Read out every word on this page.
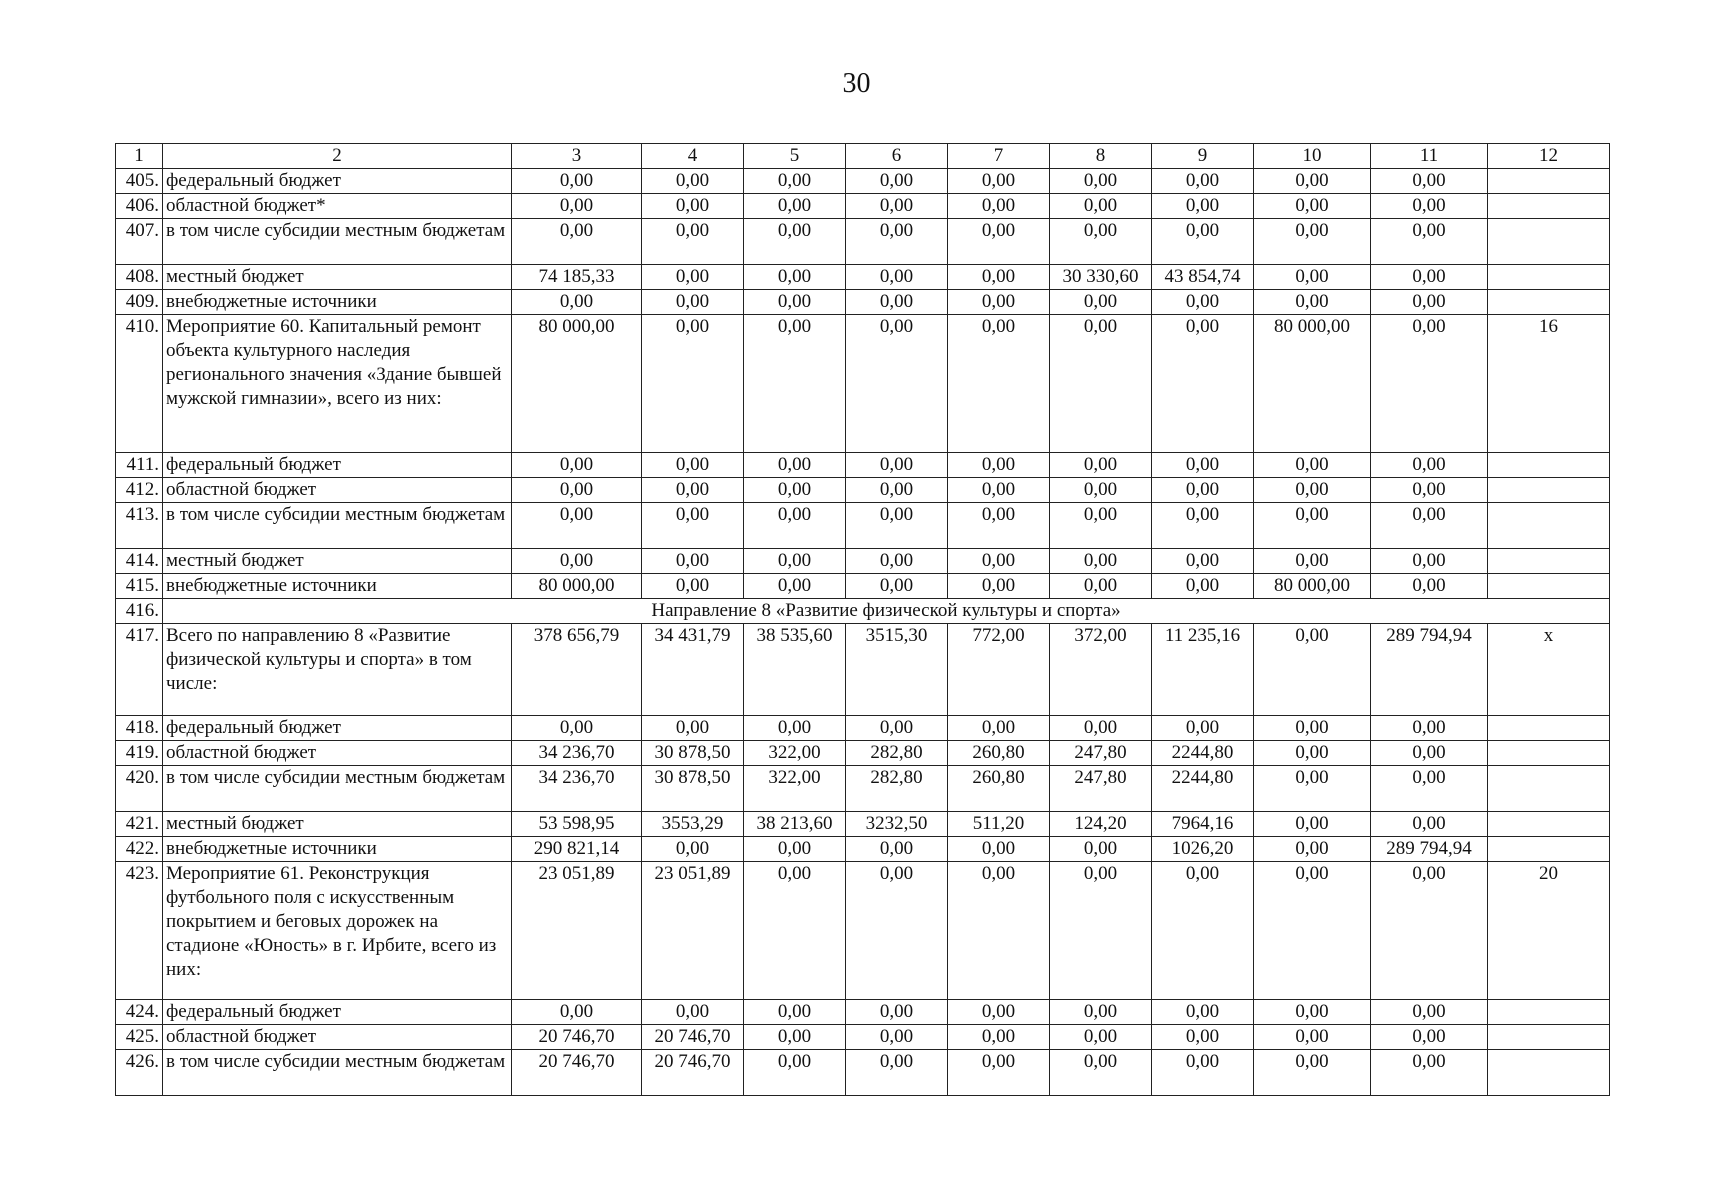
30
1	2	3	4	5	6	7	8	9	10	11	12
405.	федеральный бюджет	0,00	0,00	0,00	0,00	0,00	0,00	0,00	0,00	0,00	
406.	областной бюджет*	0,00	0,00	0,00	0,00	0,00	0,00	0,00	0,00	0,00	
407.	в том числе субсидии местным бюджетам	0,00	0,00	0,00	0,00	0,00	0,00	0,00	0,00	0,00	
408.	местный бюджет	74 185,33	0,00	0,00	0,00	0,00	30 330,60	43 854,74	0,00	0,00	
409.	внебюджетные источники	0,00	0,00	0,00	0,00	0,00	0,00	0,00	0,00	0,00	
410.	Мероприятие 60. Капитальный ремонт объекта культурного наследия регионального значения «Здание бывшей мужской гимназии», всего из них:	80 000,00	0,00	0,00	0,00	0,00	0,00	0,00	80 000,00	0,00	16
411.	федеральный бюджет	0,00	0,00	0,00	0,00	0,00	0,00	0,00	0,00	0,00	
412.	областной бюджет	0,00	0,00	0,00	0,00	0,00	0,00	0,00	0,00	0,00	
413.	в том числе субсидии местным бюджетам	0,00	0,00	0,00	0,00	0,00	0,00	0,00	0,00	0,00	
414.	местный бюджет	0,00	0,00	0,00	0,00	0,00	0,00	0,00	0,00	0,00	
415.	внебюджетные источники	80 000,00	0,00	0,00	0,00	0,00	0,00	0,00	80 000,00	0,00	
416.	Направление 8 «Развитие физической культуры и спорта»										
417.	Всего по направлению 8 «Развитие физической культуры и спорта» в том числе:	378 656,79	34 431,79	38 535,60	3515,30	772,00	372,00	11 235,16	0,00	289 794,94	х
418.	федеральный бюджет	0,00	0,00	0,00	0,00	0,00	0,00	0,00	0,00	0,00	
419.	областной бюджет	34 236,70	30 878,50	322,00	282,80	260,80	247,80	2244,80	0,00	0,00	
420.	в том числе субсидии местным бюджетам	34 236,70	30 878,50	322,00	282,80	260,80	247,80	2244,80	0,00	0,00	
421.	местный бюджет	53 598,95	3553,29	38 213,60	3232,50	511,20	124,20	7964,16	0,00	0,00	
422.	внебюджетные источники	290 821,14	0,00	0,00	0,00	0,00	0,00	1026,20	0,00	289 794,94	
423.	Мероприятие 61. Реконструкция футбольного поля с искусственным покрытием и беговых дорожек на стадионе «Юность» в г. Ирбите, всего из них:	23 051,89	23 051,89	0,00	0,00	0,00	0,00	0,00	0,00	0,00	20
424.	федеральный бюджет	0,00	0,00	0,00	0,00	0,00	0,00	0,00	0,00	0,00	
425.	областной бюджет	20 746,70	20 746,70	0,00	0,00	0,00	0,00	0,00	0,00	0,00	
426.	в том числе субсидии местным бюджетам	20 746,70	20 746,70	0,00	0,00	0,00	0,00	0,00	0,00	0,00	
